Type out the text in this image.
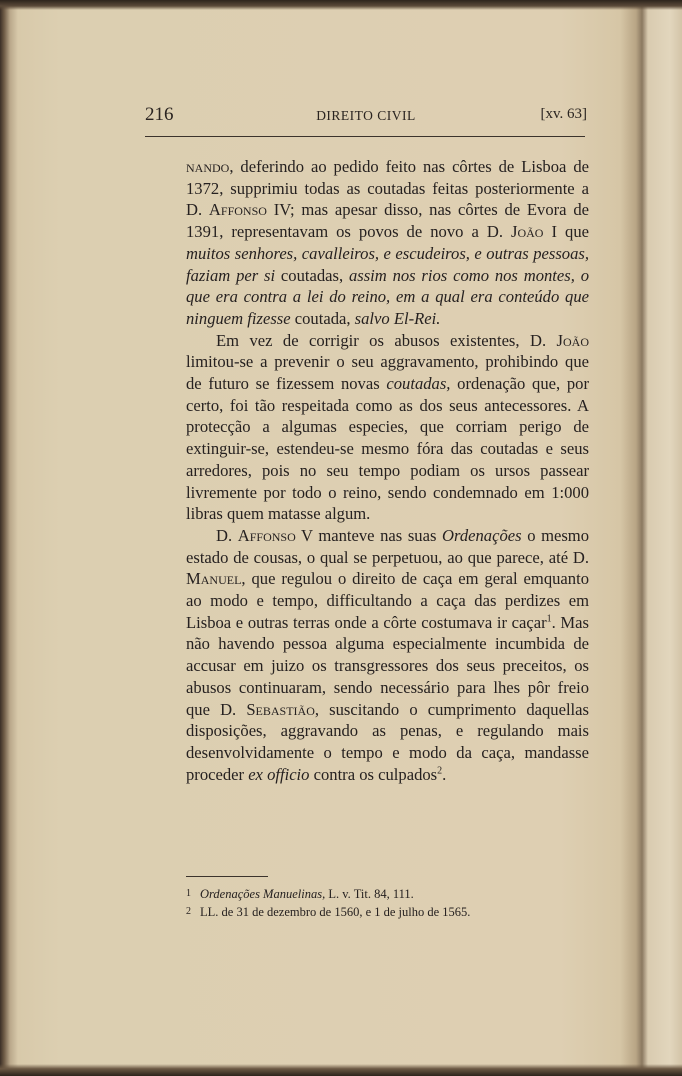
216	DIREITO CIVIL	[xv. 63]

nando, deferindo ao pedido feito nas côrtes de Lisboa de 1372, supprimiu todas as coutadas feitas posteriormente a D. Affonso IV; mas apesar disso, nas côrtes de Evora de 1391, representavam os povos de novo a D. João I que muitos senhores, cavalleiros, e escudeiros, e outras pessoas, faziam per si coutadas, assim nos rios como nos montes, o que era contra a lei do reino, em a qual era conteúdo que ninguem fizesse coutada, salvo El-Rei.

Em vez de corrigir os abusos existentes, D. João limitou-se a prevenir o seu aggravamento, prohibindo que de futuro se fizessem novas coutadas, ordenação que, por certo, foi tão respeitada como as dos seus antecessores. A protecção a algumas especies, que corriam perigo de extinguir-se, estendeu-se mesmo fóra das coutadas e seus arredores, pois no seu tempo podiam os ursos passear livremente por todo o reino, sendo condemnado em 1:000 libras quem matasse algum.

D. Affonso V manteve nas suas Ordenações o mesmo estado de cousas, o qual se perpetuou, ao que parece, até D. Manuel, que regulou o direito de caça em geral emquanto ao modo e tempo, difficultando a caça das perdizes em Lisboa e outras terras onde a côrte costumava ir caçar$^1$. Mas não havendo pessoa alguma especialmente incumbida de accusar em juizo os transgressores dos seus preceitos, os abusos continuaram, sendo necessário para lhes pôr freio que D. Sebastião, suscitando o cumprimento daquellas disposições, aggravando as penas, e regulando mais desenvolvidamente o tempo e modo da caça, mandasse proceder ex officio contra os culpados$^2$.

1 Ordenações Manuelinas, L. v. Tit. 84, 111.
2 LL. de 31 de dezembro de 1560, e 1 de julho de 1565.
